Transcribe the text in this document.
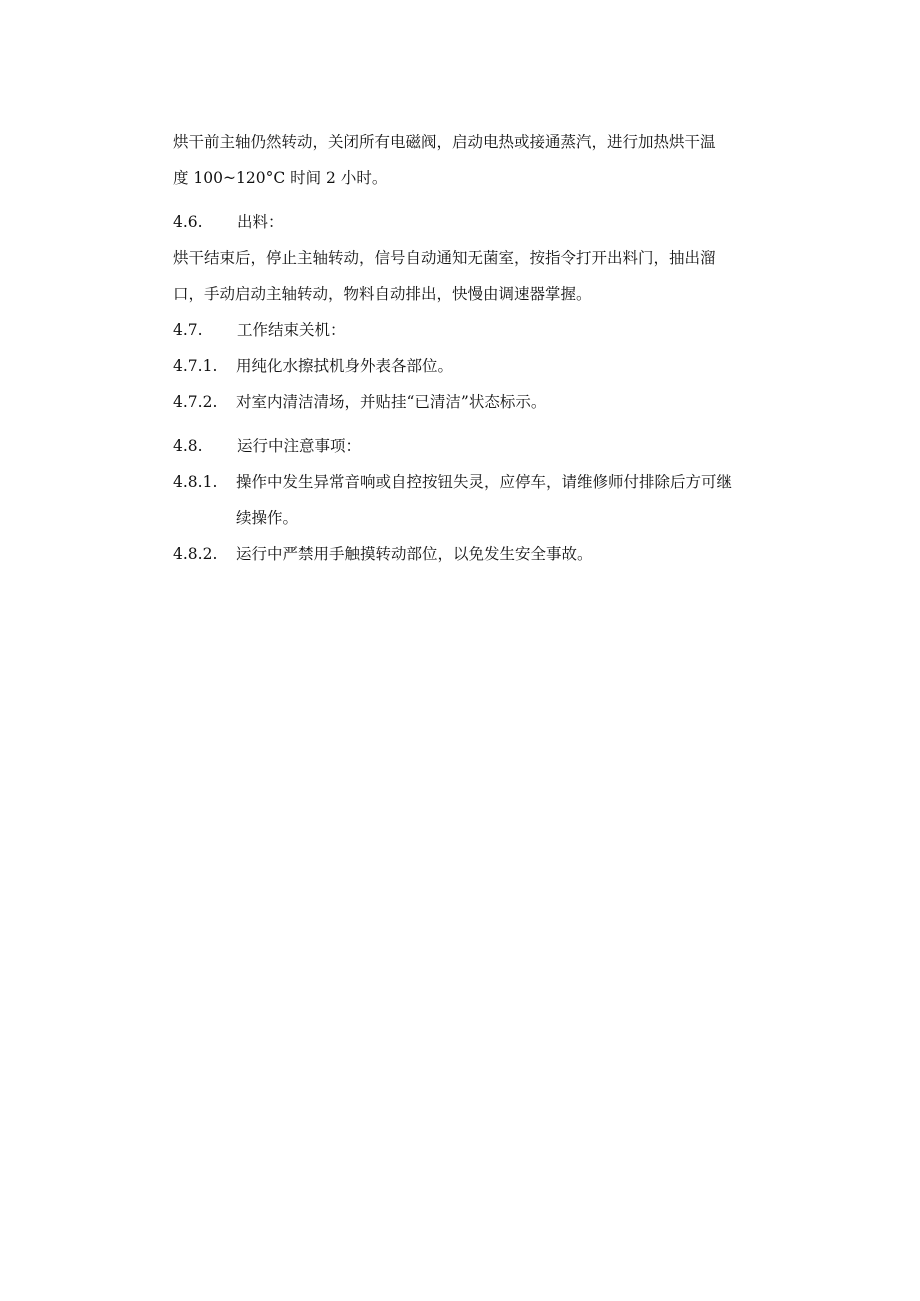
烘干前主轴仍然转动，关闭所有电磁阀，启动电热或接通蒸汽，进行加热烘干温

度 100~120°C 时间 2 小时。

4.6.	出料：

烘干结束后，停止主轴转动，信号自动通知无菌室，按指令打开出料门，抽出溜

口，手动启动主轴转动，物料自动排出，快慢由调速器掌握。

4.7.	工作结束关机：
4.7.1.	用纯化水擦拭机身外表各部位。
4.7.2.	对室内清洁清场，并贴挂“已清洁”状态标示。
4.8.	运行中注意事项：
4.8.1.	操作中发生异常音响或自控按钮失灵，应停车，请维修师付排除后方可继
续操作。
4.8.2.	运行中严禁用手触摸转动部位，以免发生安全事故。
